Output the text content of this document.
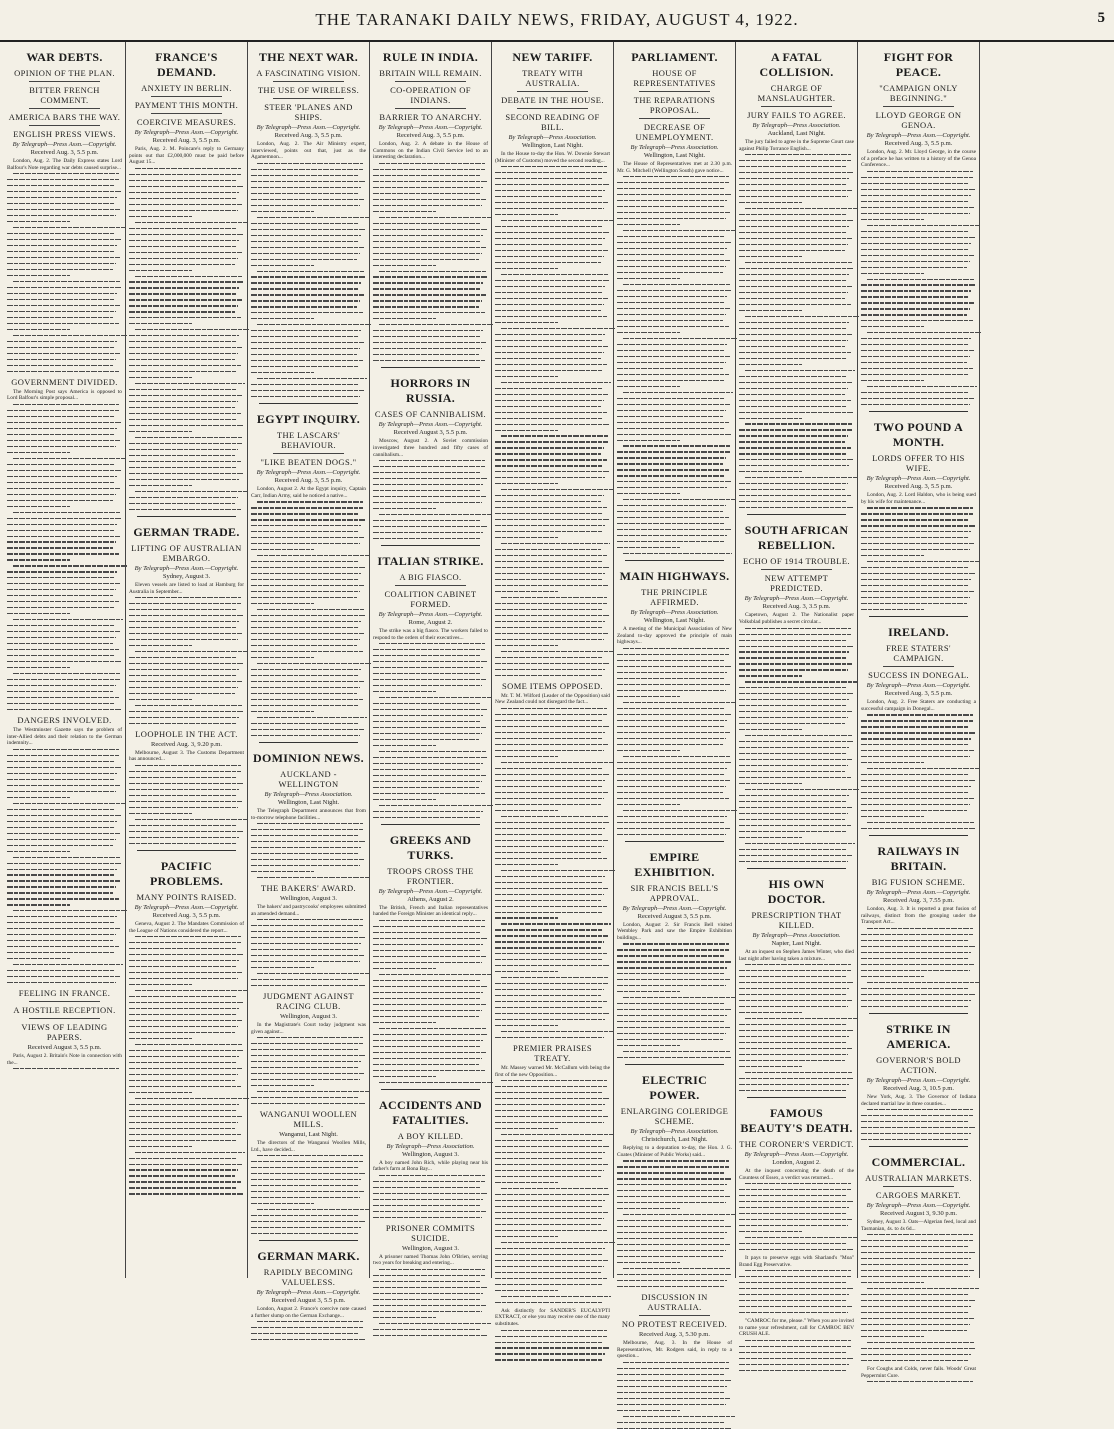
THE TARANAKI DAILY NEWS, FRIDAY, AUGUST 4, 1922.	5
WAR DEBTS.
OPINION OF THE PLAN.
BITTER FRENCH COMMENT.
AMERICA BARS THE WAY.
ENGLISH PRESS VIEWS.
By Telegraph—Press Assn.—Copyright.
Received Aug. 3, 5.5 p.m.
London, Aug. 2. The Daily Express states Lord Balfour's Note regarding war debts caused surprise...
GOVERNMENT DIVIDED.
The Morning Post says America is opposed to Lord Balfour's simple proposal...
DANGERS INVOLVED.
The Westminster Gazette says the problem of inter-Allied debts and their relation to the German indemnity...
FEELING IN FRANCE.
A HOSTILE RECEPTION.
VIEWS OF LEADING PAPERS.
Received August 3, 5.5 p.m.
Paris, August 2. Britain's Note in connection with the...
FRANCE'S DEMAND.
ANXIETY IN BERLIN.
PAYMENT THIS MONTH.
COERCIVE MEASURES.
By Telegraph—Press Assn.—Copyright.
Received Aug. 3, 5.5 p.m.
Paris, Aug. 2. M. Poincare's reply to Germany points out that £2,000,000 must be paid before August 15...
GERMAN TRADE.
LIFTING OF AUSTRALIAN EMBARGO.
By Telegraph—Press Assn.—Copyright.
Sydney, August 3.
Eleven vessels are listed to load at Hamburg for Australia in September...
LOOPHOLE IN THE ACT.
Received Aug. 3, 9.20 p.m.
Melbourne, August 3. The Customs Department has announced...
PACIFIC PROBLEMS.
MANY POINTS RAISED.
By Telegraph—Press Assn.—Copyright.
Received Aug. 3, 5.5 p.m.
Geneva, August 2. The Mandates Commission of the League of Nations considered the report...
THE NEXT WAR.
A FASCINATING VISION.
THE USE OF WIRELESS.
STEER 'PLANES AND SHIPS.
By Telegraph—Press Assn.—Copyright.
Received Aug. 3, 5.5 p.m.
London, Aug. 2. The Air Ministry expert, interviewed, points out that, just as the Agamemnon...
EGYPT INQUIRY.
THE LASCARS' BEHAVIOUR.
"LIKE BEATEN DOGS."
By Telegraph—Press Assn.—Copyright.
Received Aug. 3, 5.5 p.m.
London, August 2. At the Egypt inquiry, Captain Carr, Indian Army, said he noticed a native...
DOMINION NEWS.
AUCKLAND - WELLINGTON
By Telegraph—Press Association.
Wellington, Last Night.
The Telegraph Department announces that from to-morrow telephone facilities...
THE BAKERS' AWARD.
Wellington, August 3.
The bakers' and pastrycooks' employees submitted an amended demand...
JUDGMENT AGAINST RACING CLUB.
Wellington, August 3.
In the Magistrate's Court today judgment was given against...
WANGANUI WOOLLEN MILLS.
Wanganui, Last Night.
The directors of the Wanganui Woollen Mills, Ltd., have decided...
GERMAN MARK.
RAPIDLY BECOMING VALUELESS.
By Telegraph—Press Assn.—Copyright.
Received August 3, 5.5 p.m.
London, August 2. France's coercive note caused a further slump on the German Exchange...
RULE IN INDIA.
BRITAIN WILL REMAIN.
CO-OPERATION OF INDIANS.
BARRIER TO ANARCHY.
By Telegraph—Press Assn.—Copyright.
Received Aug. 3, 5.5 p.m.
London, Aug. 2. A debate in the House of Commons on the Indian Civil Service led to an interesting declaration...
HORRORS IN RUSSIA.
CASES OF CANNIBALISM.
By Telegraph—Press Assn.—Copyright.
Received August 3, 5.5 p.m.
Moscow, August 2. A Soviet commission investigated three hundred and fifty cases of cannibalism...
ITALIAN STRIKE.
A BIG FIASCO.
COALITION CABINET FORMED.
By Telegraph—Press Assn.—Copyright.
Rome, August 2.
The strike was a big fiasco. The workers failed to respond to the orders of their executives...
GREEKS AND TURKS.
TROOPS CROSS THE FRONTIER.
By Telegraph—Press Assn.—Copyright.
Athens, August 2.
The British, French and Italian representatives handed the Foreign Minister an identical reply...
ACCIDENTS AND FATALITIES.
A BOY KILLED.
By Telegraph—Press Association.
Wellington, August 3.
A boy named John Rich, while playing near his father's farm at Bona Bay...
PRISONER COMMITS SUICIDE.
Wellington, August 3.
A prisoner named Thomas John O'Brien, serving two years for breaking and entering...
NEW TARIFF.
TREATY WITH AUSTRALIA.
DEBATE IN THE HOUSE.
SECOND READING OF BILL.
By Telegraph—Press Association.
Wellington, Last Night.
In the House to-day the Hon. W. Downie Stewart (Minister of Customs) moved the second reading...
SOME ITEMS OPPOSED.
Mr. T. M. Wilford (Leader of the Opposition) said New Zealand could not disregard the fact...
PREMIER PRAISES TREATY.
Mr. Massey warned Mr. McCallum with being the first of the new Opposition...
Ask distinctly for SANDER'S EUCALYPTI EXTRACT, or else you may receive one of the many substitutes.
PARLIAMENT.
HOUSE OF REPRESENTATIVES
THE REPARATIONS PROPOSAL.
DECREASE OF UNEMPLOYMENT.
By Telegraph—Press Association.
Wellington, Last Night.
The House of Representatives met at 2.30 p.m. Mr. G. Mitchell (Wellington South) gave notice...
MAIN HIGHWAYS.
THE PRINCIPLE AFFIRMED.
By Telegraph—Press Association.
Wellington, Last Night.
A meeting of the Municipal Association of New Zealand to-day approved the principle of main highways...
EMPIRE EXHIBITION.
SIR FRANCIS BELL'S APPROVAL.
By Telegraph—Press Assn.—Copyright.
Received August 3, 5.5 p.m.
London, August 2. Sir Francis Bell visited Wembley Park and saw the Empire Exhibition buildings...
ELECTRIC POWER.
ENLARGING COLERIDGE SCHEME.
By Telegraph—Press Association.
Christchurch, Last Night.
Replying to a deputation to-day, the Hon. J. G. Coates (Minister of Public Works) said...
DISCUSSION IN AUSTRALIA.
NO PROTEST RECEIVED.
Received Aug. 3, 5.30 p.m.
Melbourne, Aug. 3. In the House of Representatives, Mr. Rodgers said, in reply to a question...
A FATAL COLLISION.
CHARGE OF MANSLAUGHTER.
JURY FAILS TO AGREE.
By Telegraph—Press Association.
Auckland, Last Night.
The jury failed to agree in the Supreme Court case against Philip Torrance English...
SOUTH AFRICAN REBELLION.
ECHO OF 1914 TROUBLE.
NEW ATTEMPT PREDICTED.
By Telegraph—Press Assn.—Copyright.
Received Aug. 3, 3.5 p.m.
Capetown, August 2. The Nationalist paper Volksblad publishes a secret circular...
HIS OWN DOCTOR.
PRESCRIPTION THAT KILLED.
By Telegraph—Press Association.
Napier, Last Night.
At an inquest on Stephen James Winter, who died last night after having taken a mixture...
FAMOUS BEAUTY'S DEATH.
THE CORONER'S VERDICT.
By Telegraph—Press Assn.—Copyright.
London, August 2.
At the inquest concerning the death of the Countess of Essex, a verdict was returned...
It pays to preserve eggs with Sharland's "Moa" Brand Egg Preservative.
"CAMROC for me, please." When you are invited to name your refreshment, call for CAMROC BEV CRUSH ALE.
FIGHT FOR PEACE.
"CAMPAIGN ONLY BEGINNING."
LLOYD GEORGE ON GENOA.
By Telegraph—Press Assn.—Copyright.
Received Aug. 3, 5.5 p.m.
London, Aug. 2. Mr. Lloyd George, in the course of a preface he has written to a history of the Genoa Conference...
TWO POUND A MONTH.
LORDS OFFER TO HIS WIFE.
By Telegraph—Press Assn.—Copyright.
Received Aug. 3, 5.5 p.m.
London, Aug. 2. Lord Haldon, who is being sued by his wife for maintenance...
IRELAND.
FREE STATERS' CAMPAIGN.
SUCCESS IN DONEGAL.
By Telegraph—Press Assn.—Copyright.
Received Aug. 3, 5.5 p.m.
London, Aug. 2. Free Staters are conducting a successful campaign in Donegal...
RAILWAYS IN BRITAIN.
BIG FUSION SCHEME.
By Telegraph—Press Assn.—Copyright.
Received Aug. 3, 7.55 p.m.
London, Aug. 3. It is reported a great fusion of railways, distinct from the grouping under the Transport Act...
STRIKE IN AMERICA.
GOVERNOR'S BOLD ACTION.
By Telegraph—Press Assn.—Copyright.
Received Aug. 3, 10.5 p.m.
New York, Aug. 3. The Governor of Indiana declared martial law in three counties...
COMMERCIAL.
AUSTRALIAN MARKETS.
CARGOES MARKET.
By Telegraph—Press Assn.—Copyright.
Received August 3, 9.30 p.m.
Sydney, August 3. Oats—Algerian feed, local and Tasmanian, 4s. to 4s 6d...
For Coughs and Colds, never fails. Woods' Great Peppermint Cure.
